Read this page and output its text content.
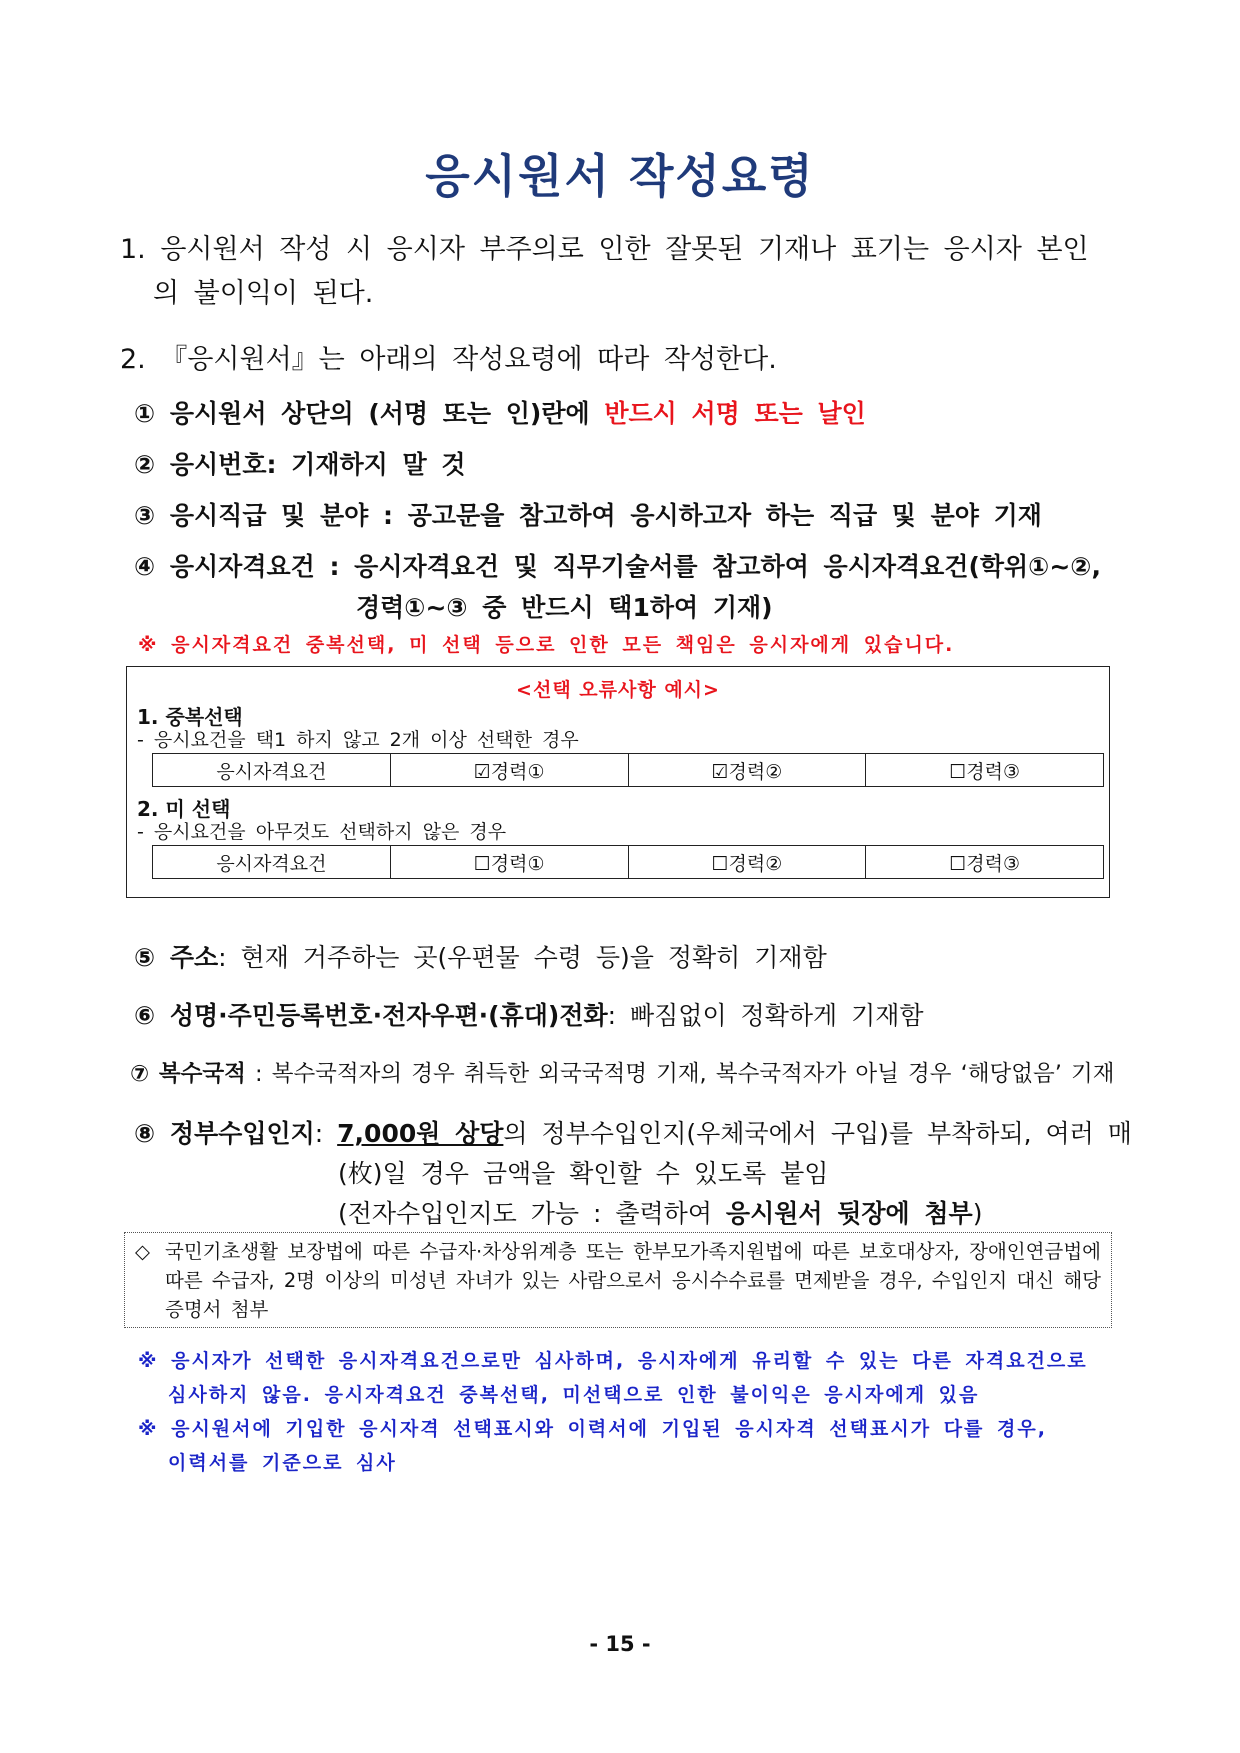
응시원서 작성요령
1. 응시원서 작성 시 응시자 부주의로 인한 잘못된 기재나 표기는 응시자 본인
의 불이익이 된다.
2. 『응시원서』는 아래의 작성요령에 따라 작성한다.
① 응시원서 상단의 (서명 또는 인)란에 반드시 서명 또는 날인
② 응시번호: 기재하지 말 것
③ 응시직급 및 분야 : 공고문을 참고하여 응시하고자 하는 직급 및 분야 기재
④ 응시자격요건 : 응시자격요건 및 직무기술서를 참고하여 응시자격요건(학위①~②,
경력①~③ 중 반드시 택1하여 기재)
※ 응시자격요건 중복선택, 미 선택 등으로 인한 모든 책임은 응시자에게 있습니다.
<선택 오류사항 예시>
1. 중복선택
- 응시요건을 택1 하지 않고 2개 이상 선택한 경우
응시자격요건	☑경력①	☑경력②	☐경력③
2. 미 선택
- 응시요건을 아무것도 선택하지 않은 경우
응시자격요건	☐경력①	☐경력②	☐경력③
⑤ 주소: 현재 거주하는 곳(우편물 수령 등)을 정확히 기재함
⑥ 성명·주민등록번호·전자우편·(휴대)전화: 빠짐없이 정확하게 기재함
⑦ 복수국적 : 복수국적자의 경우 취득한 외국국적명 기재, 복수국적자가 아닐 경우 ‘해당없음’ 기재
⑧ 정부수입인지: 7,000원 상당의 정부수입인지(우체국에서 구입)를 부착하되, 여러 매
(枚)일 경우 금액을 확인할 수 있도록 붙임
(전자수입인지도 가능 : 출력하여 응시원서 뒷장에 첨부)
◇ 국민기초생활 보장법에 따른 수급자·차상위계층 또는 한부모가족지원법에 따른 보호대상자, 장애인연금법에 따른 수급자, 2명 이상의 미성년 자녀가 있는 사람으로서 응시수수료를 면제받을 경우, 수입인지 대신 해당 증명서 첨부
※ 응시자가 선택한 응시자격요건으로만 심사하며, 응시자에게 유리할 수 있는 다른 자격요건으로
심사하지 않음. 응시자격요건 중복선택, 미선택으로 인한 불이익은 응시자에게 있음
※ 응시원서에 기입한 응시자격 선택표시와 이력서에 기입된 응시자격 선택표시가 다를 경우,
이력서를 기준으로 심사
- 15 -
